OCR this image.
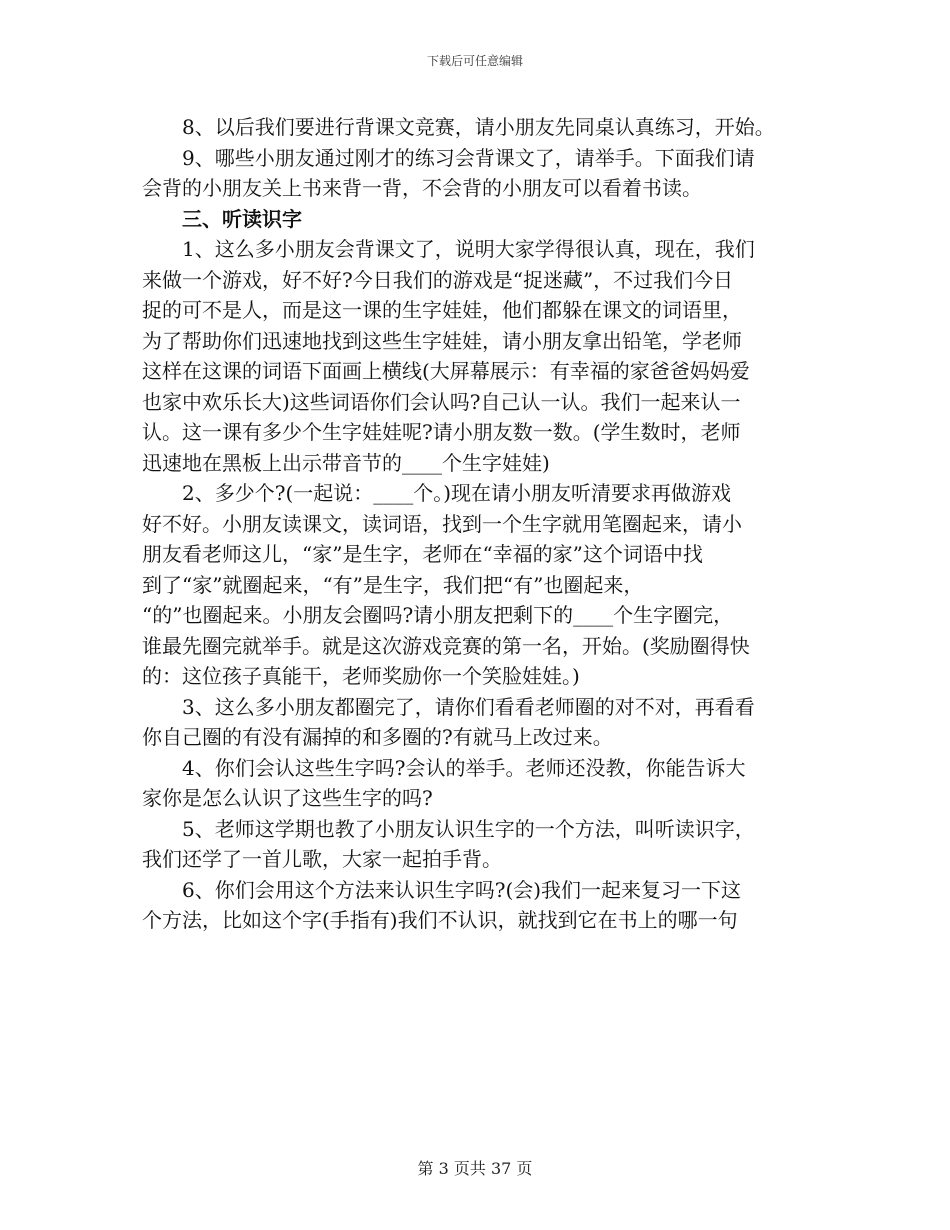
下载后可任意编辑

　　8、以后我们要进行背课文竞赛，请小朋友先同桌认真练习，开始。

　　9、哪些小朋友通过刚才的练习会背课文了，请举手。下面我们请

会背的小朋友关上书来背一背，不会背的小朋友可以看着书读。

　　三、听读识字

　　1、这么多小朋友会背课文了，说明大家学得很认真，现在，我们

来做一个游戏，好不好?今日我们的游戏是“捉迷藏”，不过我们今日

捉的可不是人，而是这一课的生字娃娃，他们都躲在课文的词语里，

为了帮助你们迅速地找到这些生字娃娃，请小朋友拿出铅笔，学老师

这样在这课的词语下面画上横线(大屏幕展示：有幸福的家爸爸妈妈爱

也家中欢乐长大)这些词语你们会认吗?自己认一认。我们一起来认一

认。这一课有多少个生字娃娃呢?请小朋友数一数。(学生数时，老师

迅速地在黑板上出示带音节的____个生字娃娃)

　　2、多少个?(一起说：____个。)现在请小朋友听清要求再做游戏

好不好。小朋友读课文，读词语，找到一个生字就用笔圈起来，请小

朋友看老师这儿，“家”是生字，老师在“幸福的家”这个词语中找

到了“家”就圈起来，“有”是生字，我们把“有”也圈起来，

“的”也圈起来。小朋友会圈吗?请小朋友把剩下的____个生字圈完，

谁最先圈完就举手。就是这次游戏竞赛的第一名，开始。(奖励圈得快

的：这位孩子真能干，老师奖励你一个笑脸娃娃。)

　　3、这么多小朋友都圈完了，请你们看看老师圈的对不对，再看看

你自己圈的有没有漏掉的和多圈的?有就马上改过来。

　　4、你们会认这些生字吗?会认的举手。老师还没教，你能告诉大

家你是怎么认识了这些生字的吗?

　　5、老师这学期也教了小朋友认识生字的一个方法，叫听读识字，

我们还学了一首儿歌，大家一起拍手背。

　　6、你们会用这个方法来认识生字吗?(会)我们一起来复习一下这

个方法，比如这个字(手指有)我们不认识，就找到它在书上的哪一句

第 3 页共 37 页
